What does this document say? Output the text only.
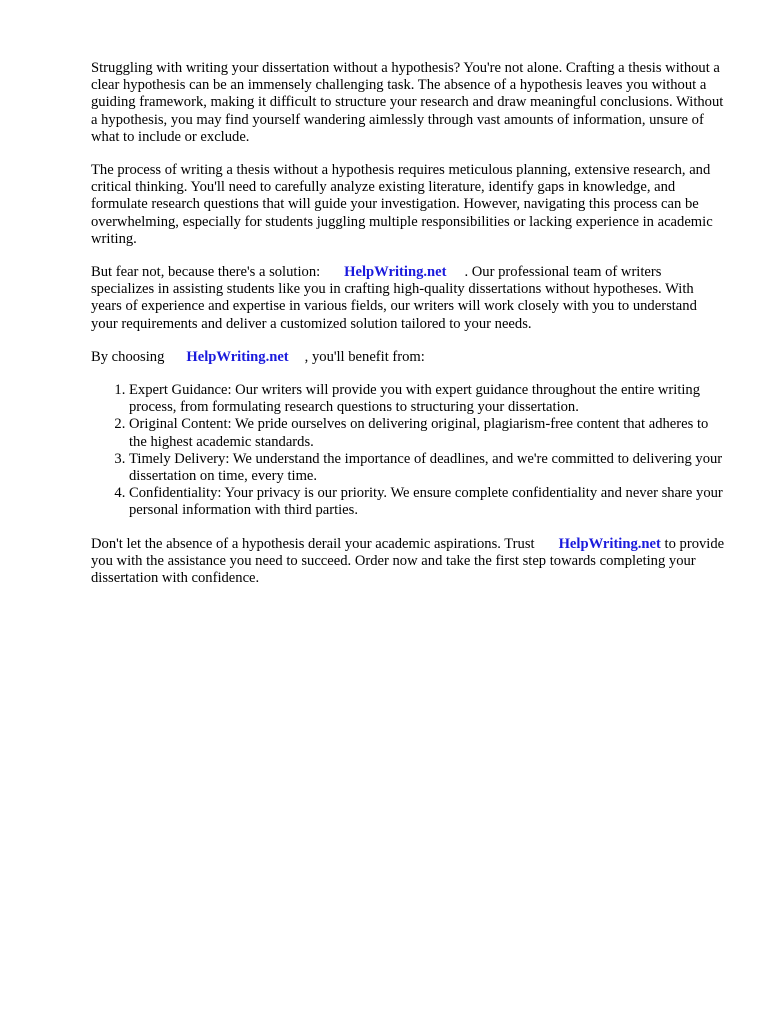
Struggling with writing your dissertation without a hypothesis? You're not alone. Crafting a thesis without a clear hypothesis can be an immensely challenging task. The absence of a hypothesis leaves you without a guiding framework, making it difficult to structure your research and draw meaningful conclusions. Without a hypothesis, you may find yourself wandering aimlessly through vast amounts of information, unsure of what to include or exclude.

The process of writing a thesis without a hypothesis requires meticulous planning, extensive research, and critical thinking. You'll need to carefully analyze existing literature, identify gaps in knowledge, and formulate research questions that will guide your investigation. However, navigating this process can be overwhelming, especially for students juggling multiple responsibilities or lacking experience in academic writing.

But fear not, because there's a solution: HelpWriting.net . Our professional team of writers specializes in assisting students like you in crafting high-quality dissertations without hypotheses. With years of experience and expertise in various fields, our writers will work closely with you to understand your requirements and deliver a customized solution tailored to your needs.

By choosing HelpWriting.net , you'll benefit from:

1. Expert Guidance: Our writers will provide you with expert guidance throughout the entire writing process, from formulating research questions to structuring your dissertation.
2. Original Content: We pride ourselves on delivering original, plagiarism-free content that adheres to the highest academic standards.
3. Timely Delivery: We understand the importance of deadlines, and we're committed to delivering your dissertation on time, every time.
4. Confidentiality: Your privacy is our priority. We ensure complete confidentiality and never share your personal information with third parties.

Don't let the absence of a hypothesis derail your academic aspirations. Trust HelpWriting.net to provide you with the assistance you need to succeed. Order now and take the first step towards completing your dissertation with confidence.
